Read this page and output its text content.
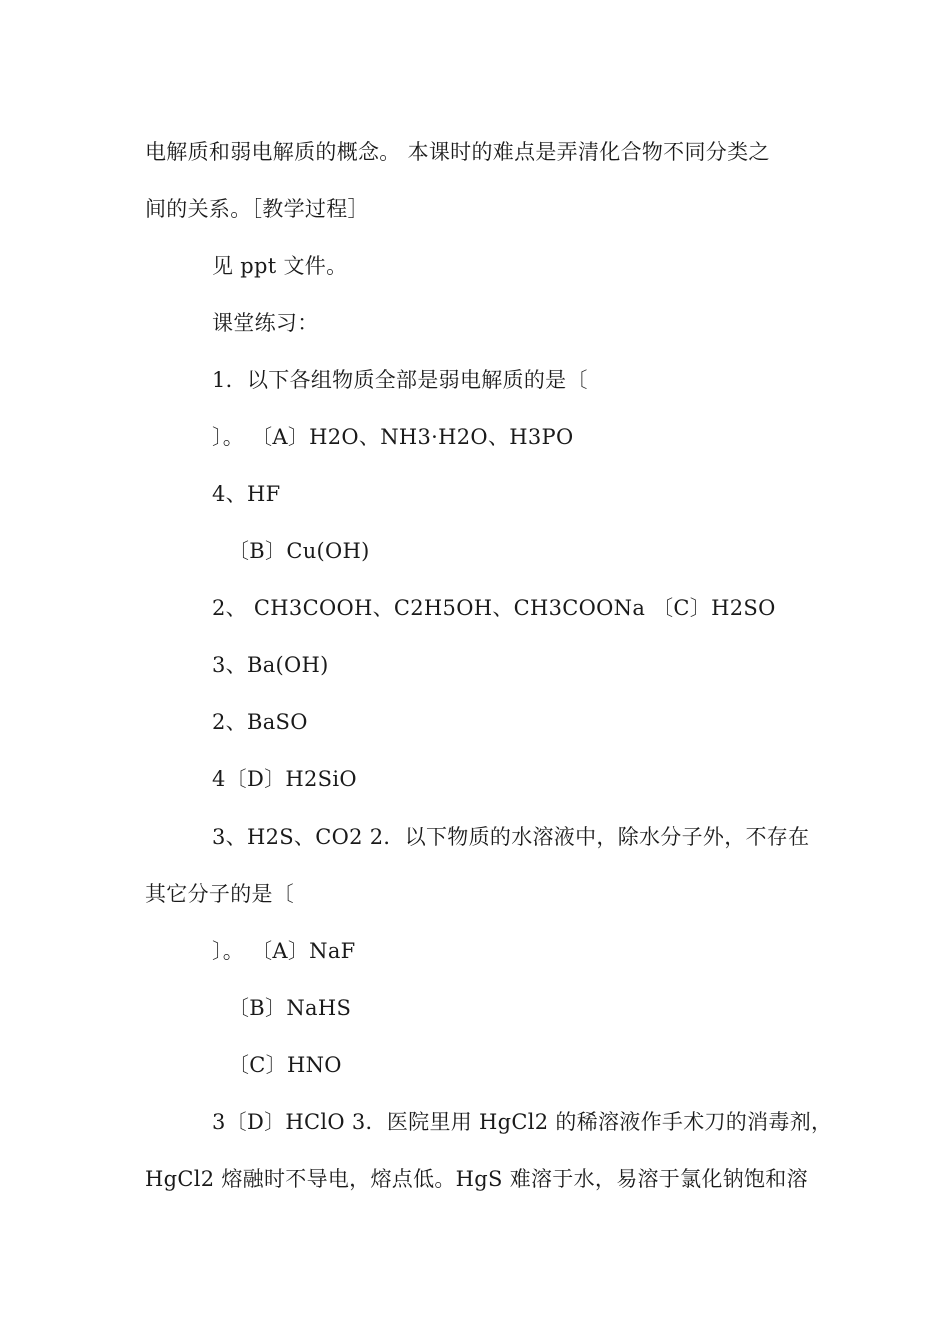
电解质和弱电解质的概念。 本课时的难点是弄清化合物不同分类之
间的关系。［教学过程］
见 ppt 文件。
课堂练习：
1．以下各组物质全部是弱电解质的是〔
〕。 〔A〕H2O、NH3·H2O、H3PO
4、HF
〔B〕Cu(OH)
2、 CH3COOH、C2H5OH、CH3COONa 〔C〕H2SO
3、Ba(OH)
2、BaSO
4〔D〕H2SiO
3、H2S、CO2 2．以下物质的水溶液中，除水分子外，不存在
其它分子的是〔
〕。 〔A〕NaF
〔B〕NaHS
〔C〕HNO
3〔D〕HClO 3．医院里用 HgCl2 的稀溶液作手术刀的消毒剂，
HgCl2 熔融时不导电，熔点低。HgS 难溶于水，易溶于氯化钠饱和溶
